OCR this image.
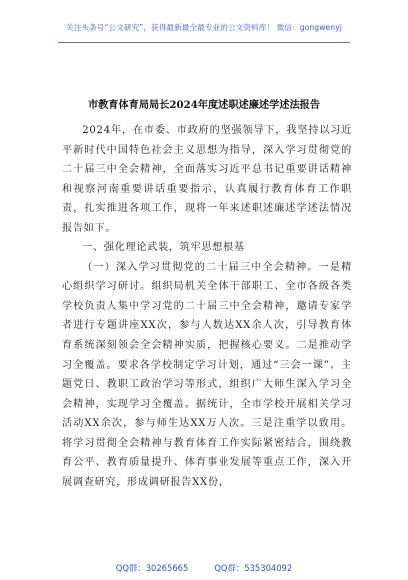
关注头条号“公文研究”，获得最新最全最专业的公文资料库！ 微信：gongwenyj
市教育体育局局长2024年度述职述廉述学述法报告

2024年，在市委、市政府的坚强领导下，我坚持以习近平新时代中国特色社会主义思想为指导，深入学习贯彻党的二十届三中全会精神，全面落实习近平总书记重要讲话精神和视察河南重要讲话重要指示，认真履行教育体育工作职责，扎实推进各项工作，现将一年来述职述廉述学述法情况报告如下。

一、强化理论武装，筑牢思想根基

（一）深入学习贯彻党的二十届三中全会精神。一是精心组织学习研讨。组织局机关全体干部职工、全市各级各类学校负责人集中学习党的二十届三中全会精神，邀请专家学者进行专题讲座XX次，参与人数达XX余人次，引导教育体育系统深刻领会全会精神实质，把握核心要义。二是推动学习全覆盖。要求各学校制定学习计划，通过“三会一课”、主题党日、教职工政治学习等形式，组织广大师生深入学习全会精神，实现学习全覆盖。据统计，全市学校开展相关学习活动XX余次，参与师生达XX万人次。三是注重学以致用。将学习贯彻全会精神与教育体育工作实际紧密结合，围绕教育公平、教育质量提升、体育事业发展等重点工作，深入开展调查研究，形成调研报告XX份，

QQ群：30265665	QQ群：535304092
